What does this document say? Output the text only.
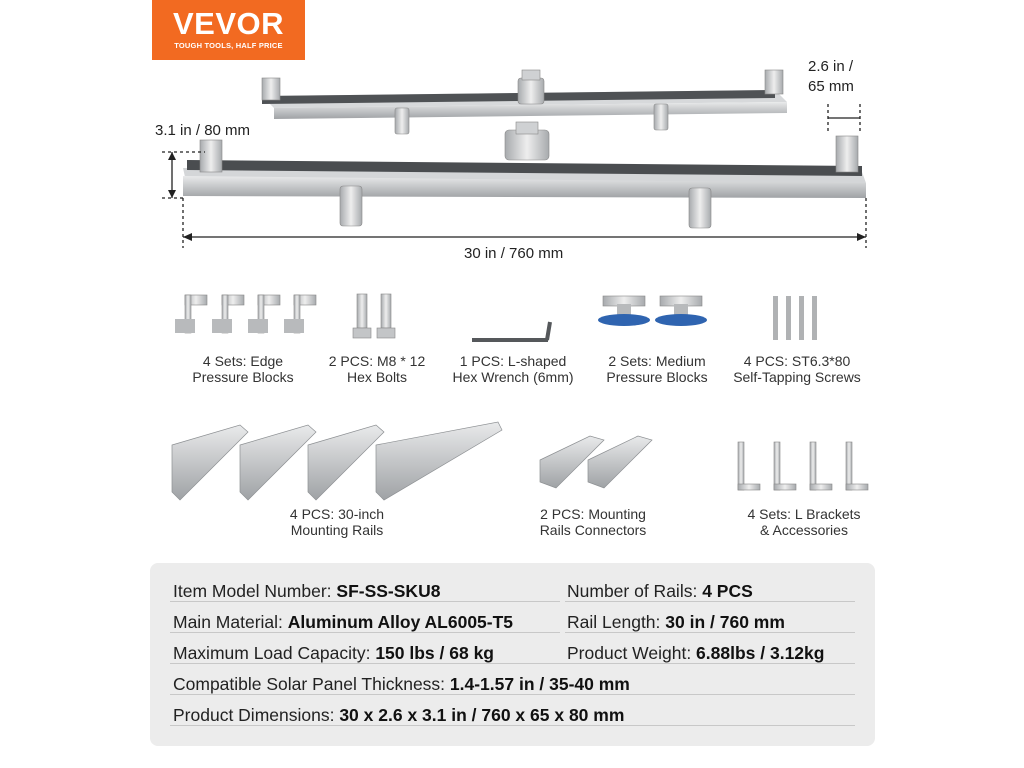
VEVOR
TOUGH TOOLS, HALF PRICE
2.6 in /
65 mm
3.1 in / 80 mm
30 in / 760 mm
4 Sets: Edge
Pressure Blocks
2 PCS: M8 * 12
Hex Bolts
1 PCS: L-shaped
Hex Wrench (6mm)
2 Sets: Medium
Pressure Blocks
4 PCS: ST6.3*80
Self-Tapping Screws
4 PCS: 30-inch
Mounting Rails
2 PCS: Mounting
Rails Connectors
4 Sets: L Brackets
& Accessories
Item Model Number: SF-SS-SKU8	Number of Rails: 4 PCS
Main Material: Aluminum Alloy AL6005-T5	Rail Length: 30 in / 760 mm
Maximum Load Capacity: 150 lbs / 68 kg	Product Weight: 6.88lbs / 3.12kg
Compatible Solar Panel Thickness: 1.4-1.57 in / 35-40 mm
Product Dimensions: 30 x 2.6 x 3.1 in / 760 x 65 x 80 mm
